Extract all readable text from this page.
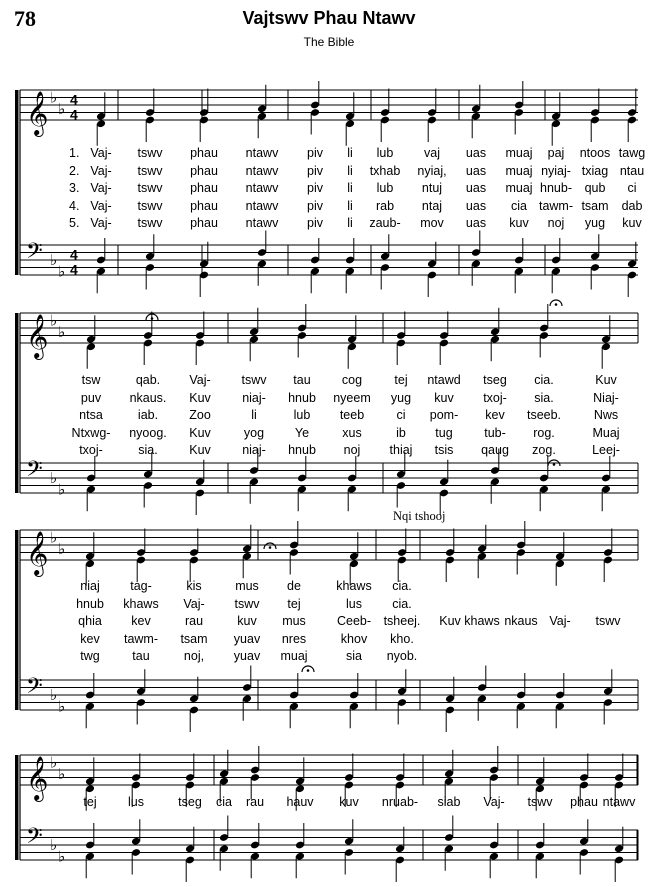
78	Vajtswv Phau Ntawv
The Bible
𝄞
𝄢
♭
♭
♭
♭
4
4
4
4
𝄞
𝄢
♭
♭
♭
♭
𝄞
𝄢
♭
♭
♭
♭
𝄞
𝄢
♭
♭
♭
♭
1. Vaj- tswv phau ntawv piv li lub vaj uas muaj paj ntoos tawg
2. Vaj- tswv phau ntawv piv li txhab nyiaj, uas muaj nyiaj- txiag ntau
3. Vaj- tswv phau ntawv piv li lub ntuj uas muaj hnub- qub ci
4. Vaj- tswv phau ntawv piv li rab ntaj uas cia tawm- tsam dab
5. Vaj- tswv phau ntawv piv li zaub- mov uas kuv noj yug kuv
tsw	qab. Vaj- tswv tau cog	tej ntawd tseg cia.	Kuv
puv nkaus. Kuv	niaj- hnub nyeem yug kuv txoj- sia.	Niaj-
ntsa	iab. Zoo	li	lub teeb	ci pom- kev tseeb.	Nws
Ntxwg- nyoog. Kuv	yog Ye	xus	ib tug	tub- rog.	Muaj
txoj-	sia.	Kuv	niaj- hnub noj thiaj tsis qaug zog.	Leej-
niaj tag-	kis	mus de	khaws cia.
hnub khaws Vaj- tswv tej	lus cia.
qhia kev	rau	kuv mus Ceeb- tsheej. Kuv khaws nkaus Vaj- tswv
kev tawm- tsam yuav nres	khov kho.
twg	tau	noj, yuav muaj	sia nyob.
tej	lus	tseg cia rau hauv kuv nruab- siab Vaj- tswv phau ntawv
Nqi tshooj
